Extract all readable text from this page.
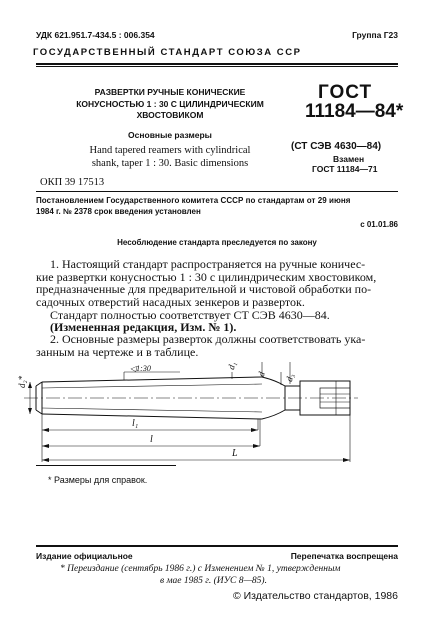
УДК 621.951.7-434.5 : 006.354	Группа Г23
ГОСУДАРСТВЕННЫЙ СТАНДАРТ СОЮЗА ССР
РАЗВЕРТКИ РУЧНЫЕ КОНИЧЕСКИЕ
КОНУСНОСТЬЮ 1 : 30 С ЦИЛИНДРИЧЕСКИМ
ХВОСТОВИКОМ
Основные размеры
Hand tapered reamers with cylindrical
shank, taper 1 : 30. Basic dimensions
ОКП 39 17513
ГОСТ
11184—84*
(СТ СЭВ 4630—84)
Взамен
ГОСТ 11184—71
Постановлением Государственного комитета СССР по стандартам от 29 июня
1984 г. № 2378 срок введения установлен
с 01.01.86
Несоблюдение стандарта преследуется по закону
1. Настоящий стандарт распространяется на ручные коничес-
кие развертки конусностью 1 : 30 с цилиндрическим хвостовиком,
предназначенные для предварительной и чистовой обработки по-
садочных отверстий насадных зенкеров и разверток.
Стандарт полностью соответствует СТ СЭВ 4630—84.
(Измененная редакция, Изм. № 1).
2. Основные размеры разверток должны соответствовать ука-
занным на чертеже и в таблице.
◁1:30
d₂*
d₁
d d₃
l₁
l
L
* Размеры для справок.
Издание официальное	Перепечатка воспрещена
* Переиздание (сентябрь 1986 г.) с Изменением № 1, утвержденным
в мае 1985 г. (ИУС 8—85).
© Издательство стандартов, 1986
